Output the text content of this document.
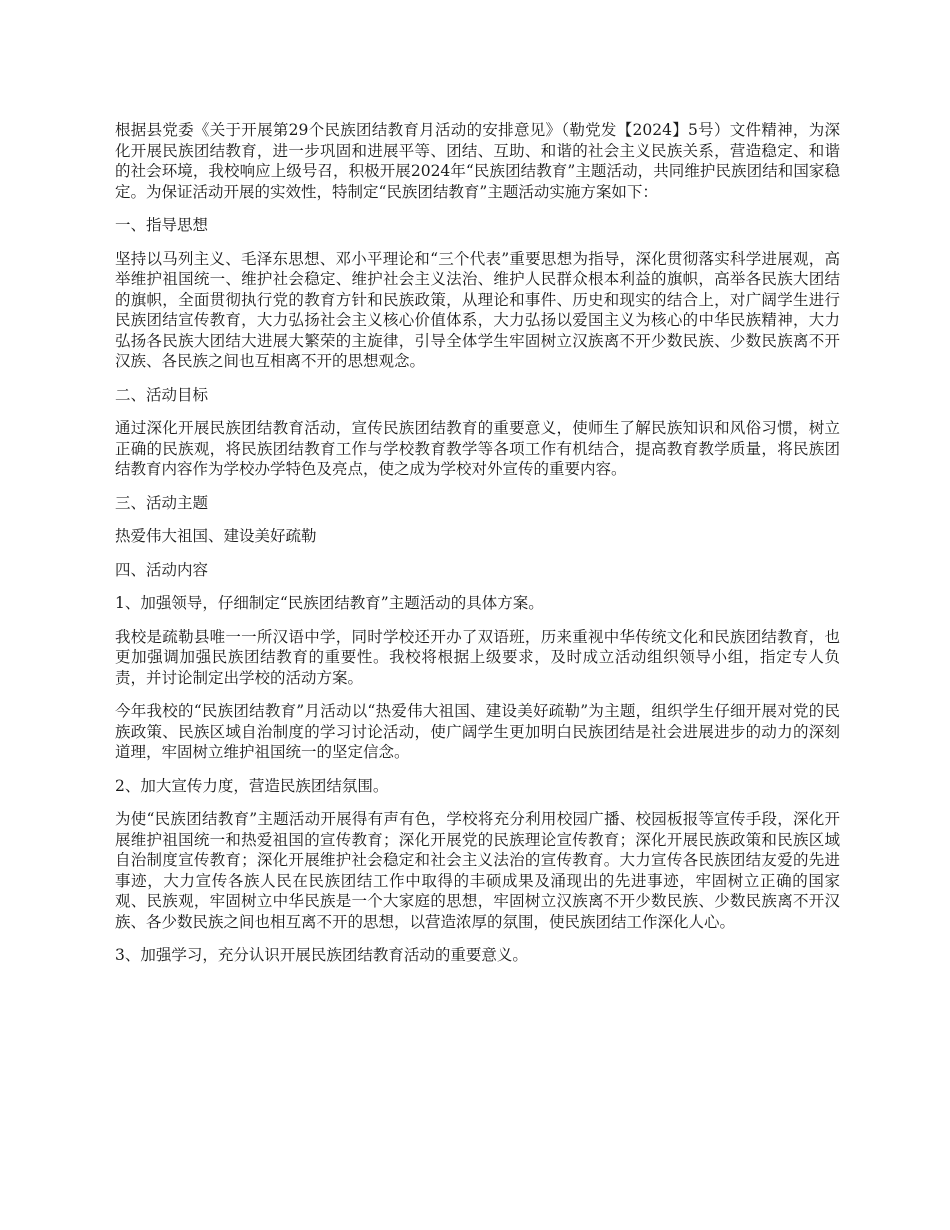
根据县党委《关于开展第29个民族团结教育月活动的安排意见》（勒党发【2024】5号）文件精神，为深化开展民族团结教育，进一步巩固和进展平等、团结、互助、和谐的社会主义民族关系，营造稳定、和谐的社会环境，我校响应上级号召，积极开展2024年“民族团结教育”主题活动，共同维护民族团结和国家稳定。为保证活动开展的实效性，特制定“民族团结教育”主题活动实施方案如下：

一、指导思想

坚持以马列主义、毛泽东思想、邓小平理论和“三个代表”重要思想为指导，深化贯彻落实科学进展观，高举维护祖国统一、维护社会稳定、维护社会主义法治、维护人民群众根本利益的旗帜，高举各民族大团结的旗帜，全面贯彻执行党的教育方针和民族政策，从理论和事件、历史和现实的结合上，对广阔学生进行民族团结宣传教育，大力弘扬社会主义核心价值体系，大力弘扬以爱国主义为核心的中华民族精神，大力弘扬各民族大团结大进展大繁荣的主旋律，引导全体学生牢固树立汉族离不开少数民族、少数民族离不开汉族、各民族之间也互相离不开的思想观念。

二、活动目标

通过深化开展民族团结教育活动，宣传民族团结教育的重要意义，使师生了解民族知识和风俗习惯，树立正确的民族观，将民族团结教育工作与学校教育教学等各项工作有机结合，提高教育教学质量，将民族团结教育内容作为学校办学特色及亮点，使之成为学校对外宣传的重要内容。

三、活动主题

热爱伟大祖国、建设美好疏勒

四、活动内容

1、加强领导，仔细制定“民族团结教育”主题活动的具体方案。

我校是疏勒县唯一一所汉语中学，同时学校还开办了双语班，历来重视中华传统文化和民族团结教育，也更加强调加强民族团结教育的重要性。我校将根据上级要求，及时成立活动组织领导小组，指定专人负责，并讨论制定出学校的活动方案。

今年我校的“民族团结教育”月活动以“热爱伟大祖国、建设美好疏勒”为主题，组织学生仔细开展对党的民族政策、民族区域自治制度的学习讨论活动，使广阔学生更加明白民族团结是社会进展进步的动力的深刻道理，牢固树立维护祖国统一的坚定信念。

2、加大宣传力度，营造民族团结氛围。

为使“民族团结教育”主题活动开展得有声有色，学校将充分利用校园广播、校园板报等宣传手段，深化开展维护祖国统一和热爱祖国的宣传教育；深化开展党的民族理论宣传教育；深化开展民族政策和民族区域自治制度宣传教育；深化开展维护社会稳定和社会主义法治的宣传教育。大力宣传各民族团结友爱的先进事迹，大力宣传各族人民在民族团结工作中取得的丰硕成果及涌现出的先进事迹，牢固树立正确的国家观、民族观，牢固树立中华民族是一个大家庭的思想，牢固树立汉族离不开少数民族、少数民族离不开汉族、各少数民族之间也相互离不开的思想，以营造浓厚的氛围，使民族团结工作深化人心。

3、加强学习，充分认识开展民族团结教育活动的重要意义。
